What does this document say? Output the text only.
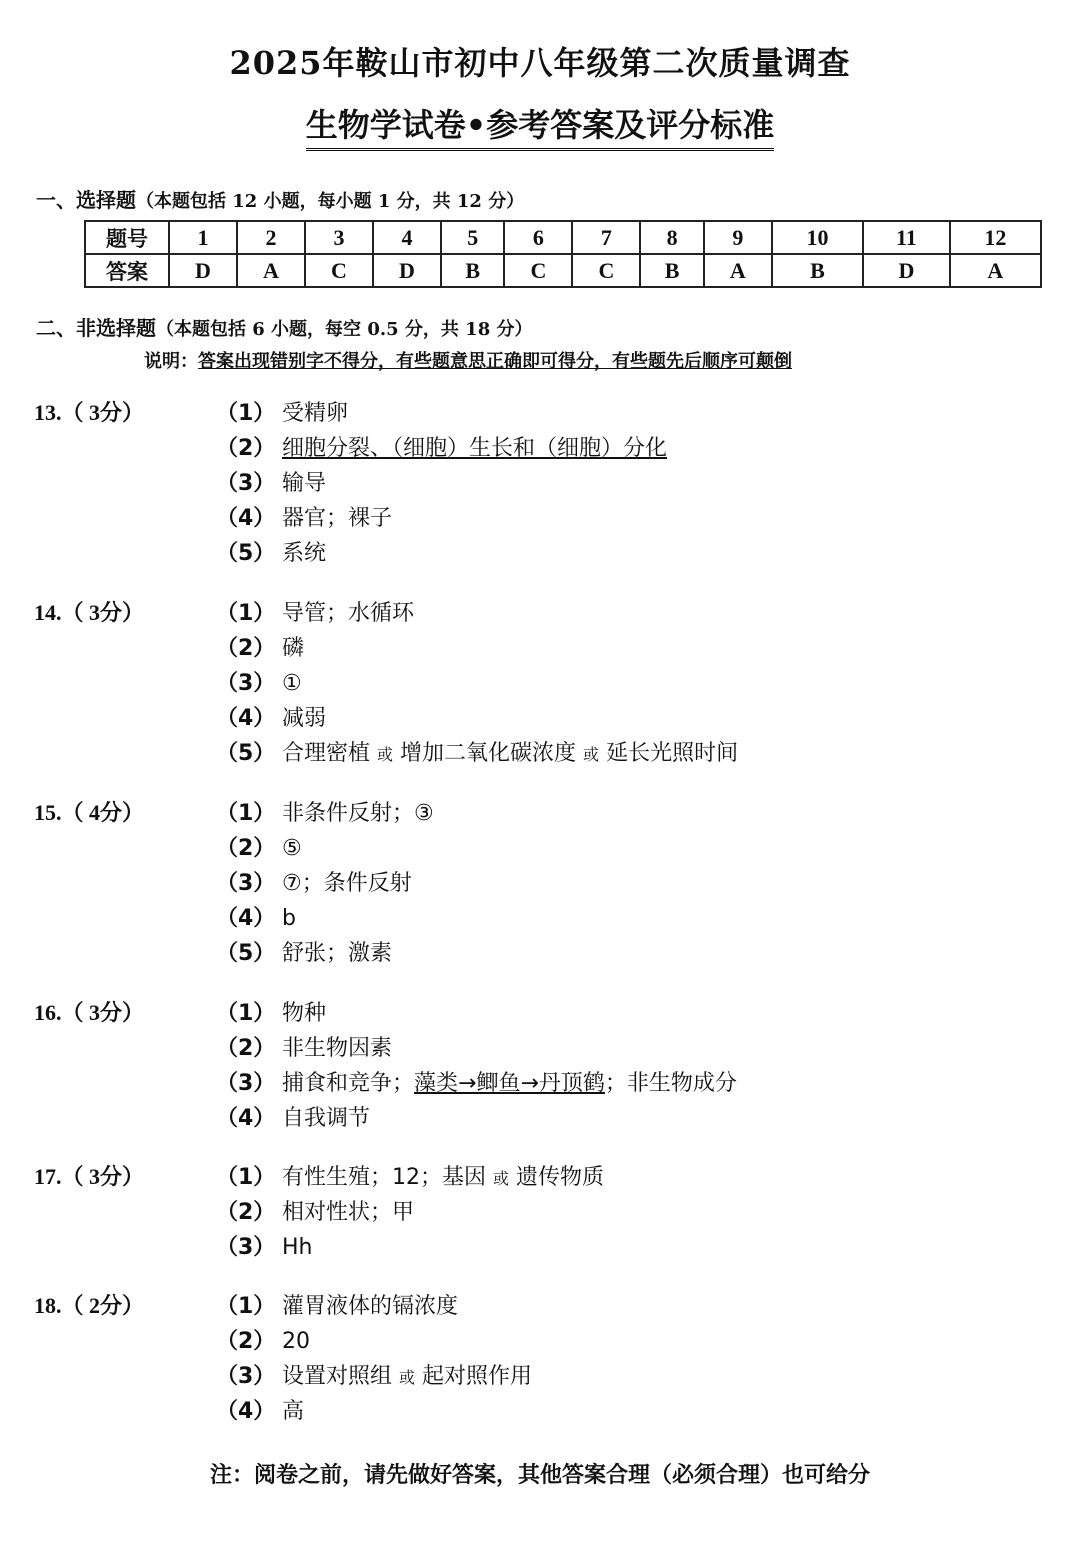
2025年鞍山市初中八年级第二次质量调查
生物学试卷•参考答案及评分标准
一、选择题（本题包括 12 小题，每小题 1 分，共 12 分）
题号	1	2	3	4	5	6	7	8	9	10	11	12
答案	D	A	C	D	B	C	C	B	A	B	D	A
二、非选择题（本题包括 6 小题，每空 0.5 分，共 18 分）
说明：答案出现错别字不得分，有些题意思正确即可得分，有些题先后顺序可颠倒
13.（ 3分）	（1） 受精卵
（2） 细胞分裂、（细胞）生长和（细胞）分化
（3） 输导
（4） 器官；裸子
（5） 系统
14.（ 3分）	（1） 导管；水循环
（2） 磷
（3） ①
（4） 减弱
（5） 合理密植 或 增加二氧化碳浓度 或 延长光照时间
15.（ 4分）	（1） 非条件反射；③
（2） ⑤
（3） ⑦；条件反射
（4） b
（5） 舒张；激素
16.（ 3分）	（1） 物种
（2） 非生物因素
（3） 捕食和竞争；藻类→鲫鱼→丹顶鹤；非生物成分
（4） 自我调节
17.（ 3分）	（1） 有性生殖；12；基因 或 遗传物质
（2） 相对性状；甲
（3） Hh
18.（ 2分）	（1） 灌胃液体的镉浓度
（2） 20
（3） 设置对照组 或 起对照作用
（4） 高
注：阅卷之前，请先做好答案，其他答案合理（必须合理）也可给分
